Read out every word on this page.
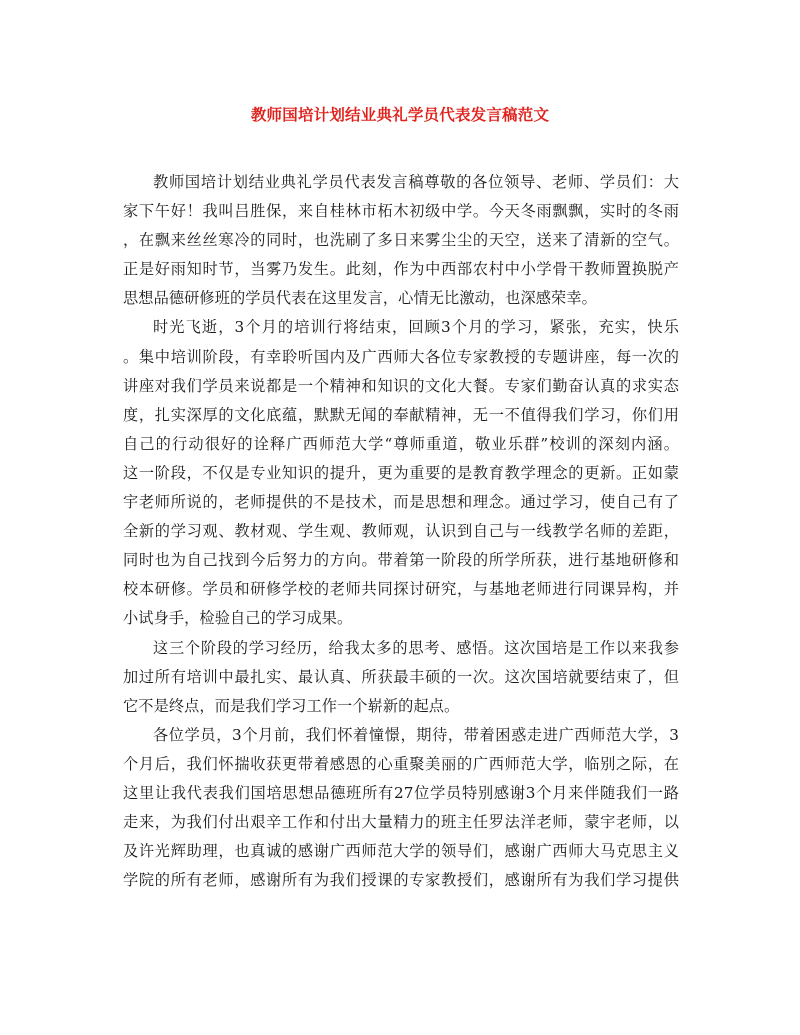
教师国培计划结业典礼学员代表发言稿范文
教师国培计划结业典礼学员代表发言稿尊敬的各位领导、老师、学员们：大
家下午好！我叫吕胜保，来自桂林市柘木初级中学。今天冬雨飘飘，实时的冬雨
，在飘来丝丝寒冷的同时，也洗刷了多日来雾尘尘的天空，送来了清新的空气。
正是好雨知时节，当雾乃发生。此刻，作为中西部农村中小学骨干教师置换脱产
思想品德研修班的学员代表在这里发言，心情无比激动，也深感荣幸。
时光飞逝，3个月的培训行将结束，回顾3个月的学习，紧张，充实，快乐
。集中培训阶段，有幸聆听国内及广西师大各位专家教授的专题讲座，每一次的
讲座对我们学员来说都是一个精神和知识的文化大餐。专家们勤奋认真的求实态
度，扎实深厚的文化底蕴，默默无闻的奉献精神，无一不值得我们学习，你们用
自己的行动很好的诠释广西师范大学“尊师重道，敬业乐群”校训的深刻内涵。
这一阶段，不仅是专业知识的提升，更为重要的是教育教学理念的更新。正如蒙
宇老师所说的，老师提供的不是技术，而是思想和理念。通过学习，使自己有了
全新的学习观、教材观、学生观、教师观，认识到自己与一线教学名师的差距，
同时也为自己找到今后努力的方向。带着第一阶段的所学所获，进行基地研修和
校本研修。学员和研修学校的老师共同探讨研究，与基地老师进行同课异构，并
小试身手，检验自己的学习成果。
这三个阶段的学习经历，给我太多的思考、感悟。这次国培是工作以来我参
加过所有培训中最扎实、最认真、所获最丰硕的一次。这次国培就要结束了，但
它不是终点，而是我们学习工作一个崭新的起点。
各位学员，3个月前，我们怀着憧憬，期待，带着困惑走进广西师范大学，3
个月后，我们怀揣收获更带着感恩的心重聚美丽的广西师范大学，临别之际，在
这里让我代表我们国培思想品德班所有27位学员特别感谢3个月来伴随我们一路
走来，为我们付出艰辛工作和付出大量精力的班主任罗法洋老师，蒙宇老师，以
及许光辉助理，也真诚的感谢广西师范大学的领导们，感谢广西师大马克思主义
学院的所有老师，感谢所有为我们授课的专家教授们，感谢所有为我们学习提供
